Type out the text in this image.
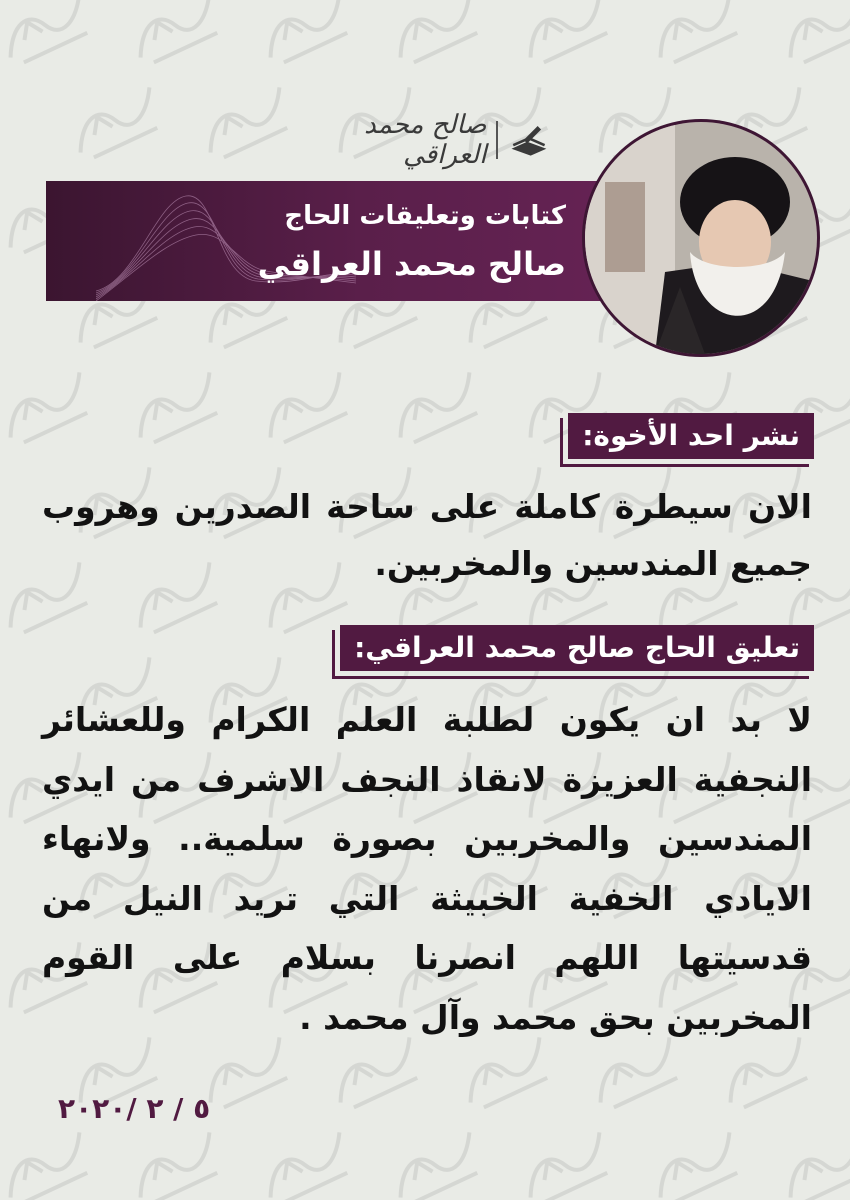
صالح محمد العراقي
كتابات وتعليقات الحاج
صالح محمد العراقي
نشر احد الأخوة:
الان سيطرة كاملة على ساحة الصدرين وهروب جميع المندسين والمخربين.
تعليق الحاج صالح محمد العراقي:
لا بد ان يكون لطلبة العلم الكرام وللعشائر النجفية العزيزة لانقاذ النجف الاشرف من ايدي المندسين والمخربين بصورة سلمية.. ولانهاء الايادي الخفية الخبيثة التي تريد النيل من قدسيتها اللهم انصرنا بسلام على القوم المخربين بحق محمد وآل محمد .
٥ / ٢ /٢٠٢٠
